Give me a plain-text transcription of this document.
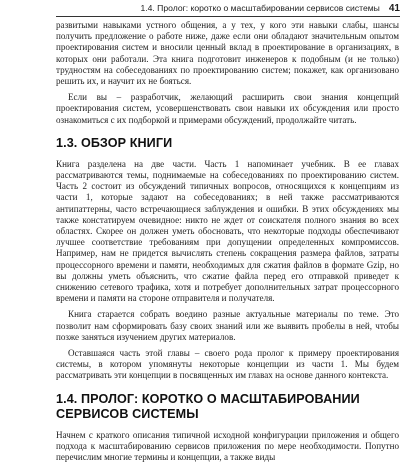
1.4. Пролог: коротко о масштабировании сервисов системы 41

развитыми навыками устного общения, а у тех, у кого эти навыки слабы, шансы получить предложение о работе ниже, даже если они обладают значительным опытом проектирования систем и вносили ценный вклад в проектирование в организациях, в которых они работали. Эта книга подготовит инженеров к подобным (и не только) трудностям на собеседованиях по проектированию систем; покажет, как организовано решить их, и научит их не бояться.

Если вы – разработчик, желающий расширить свои знания концепций проектирования систем, усовершенствовать свои навыки их обсуждения или просто ознакомиться с их подборкой и примерами обсуждений, продолжайте читать.

1.3. ОБЗОР КНИГИ

Книга разделена на две части. Часть 1 напоминает учебник. В ее главах рассматриваются темы, поднимаемые на собеседованиях по проектированию систем. Часть 2 состоит из обсуждений типичных вопросов, относящихся к концепциям из части 1, которые задают на собеседованиях; в ней также рассматриваются антипаттерны, часто встречающиеся заблуждения и ошибки. В этих обсуждениях мы также констатируем очевидное: никто не ждет от соискателя полного знания во всех областях. Скорее он должен уметь обосновать, что некоторые подходы обеспечивают лучшее соответствие требованиям при допущении определенных компромиссов. Например, нам не придется вычислять степень сокращения размера файлов, затраты процессорного времени и памяти, необходимых для сжатия файлов в формате Gzip, но вы должны уметь объяснить, что сжатие файла перед его отправкой приведет к снижению сетевого трафика, хотя и потребует дополнительных затрат процессорного времени и памяти на стороне отправителя и получателя.

Книга старается собрать воедино разные актуальные материалы по теме. Это позволит нам сформировать базу своих знаний или же выявить пробелы в ней, чтобы позже заняться изучением других материалов.

Оставшаяся часть этой главы – своего рода пролог к примеру проектирования системы, в котором упомянуты некоторые концепции из части 1. Мы будем рассматривать эти концепции в посвященных им главах на основе данного контекста.

1.4. ПРОЛОГ: КОРОТКО О МАСШТАБИРОВАНИИ СЕРВИСОВ СИСТЕМЫ

Начнем с краткого описания типичной исходной конфигурации приложения и общего подхода к масштабированию сервисов приложения по мере необходимости. Попутно перечислим многие термины и концепции, а также виды
